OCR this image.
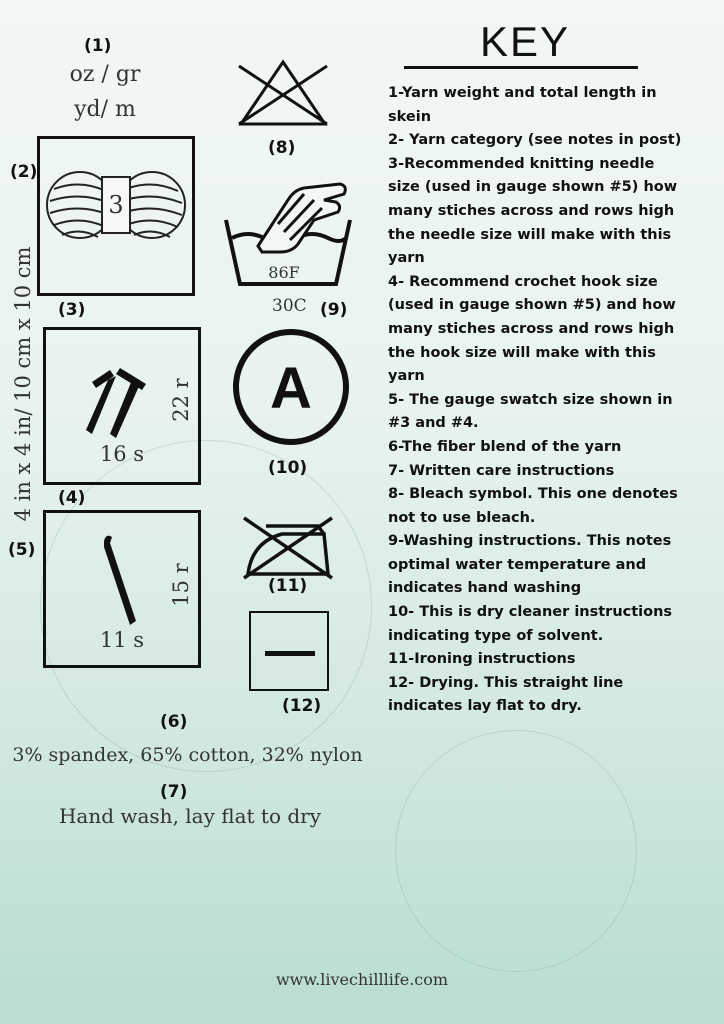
(1)
oz / gr
yd/ m
(2)
3
4 in x 4 in/ 10 cm x 10 cm (3)
16 s
22 r
(4)
(5)
11 s
15 r
(6)
3% spandex, 65% cotton, 32% nylon
(7)
Hand wash, lay flat to dry
(8)
86F
30C (9)
A
(10)
(11)
(12)
KEY
1-Yarn weight and total length in skein
2- Yarn category (see notes in post)
3-Recommended knitting needle size (used in gauge shown #5) how many stiches across and rows high the needle size will make with this yarn
4- Recommend crochet hook size (used in gauge shown #5) and how many stiches across and rows high the hook size will make with this yarn
5- The gauge swatch size shown in #3 and #4.
6-The fiber blend of the yarn
7- Written care instructions
8- Bleach symbol. This one denotes not to use bleach.
9-Washing instructions. This notes optimal water temperature and indicates hand washing
10- This is dry cleaner instructions indicating type of solvent.
11-Ironing instructions
12- Drying. This straight line indicates lay flat to dry.
www.livechilllife.com
